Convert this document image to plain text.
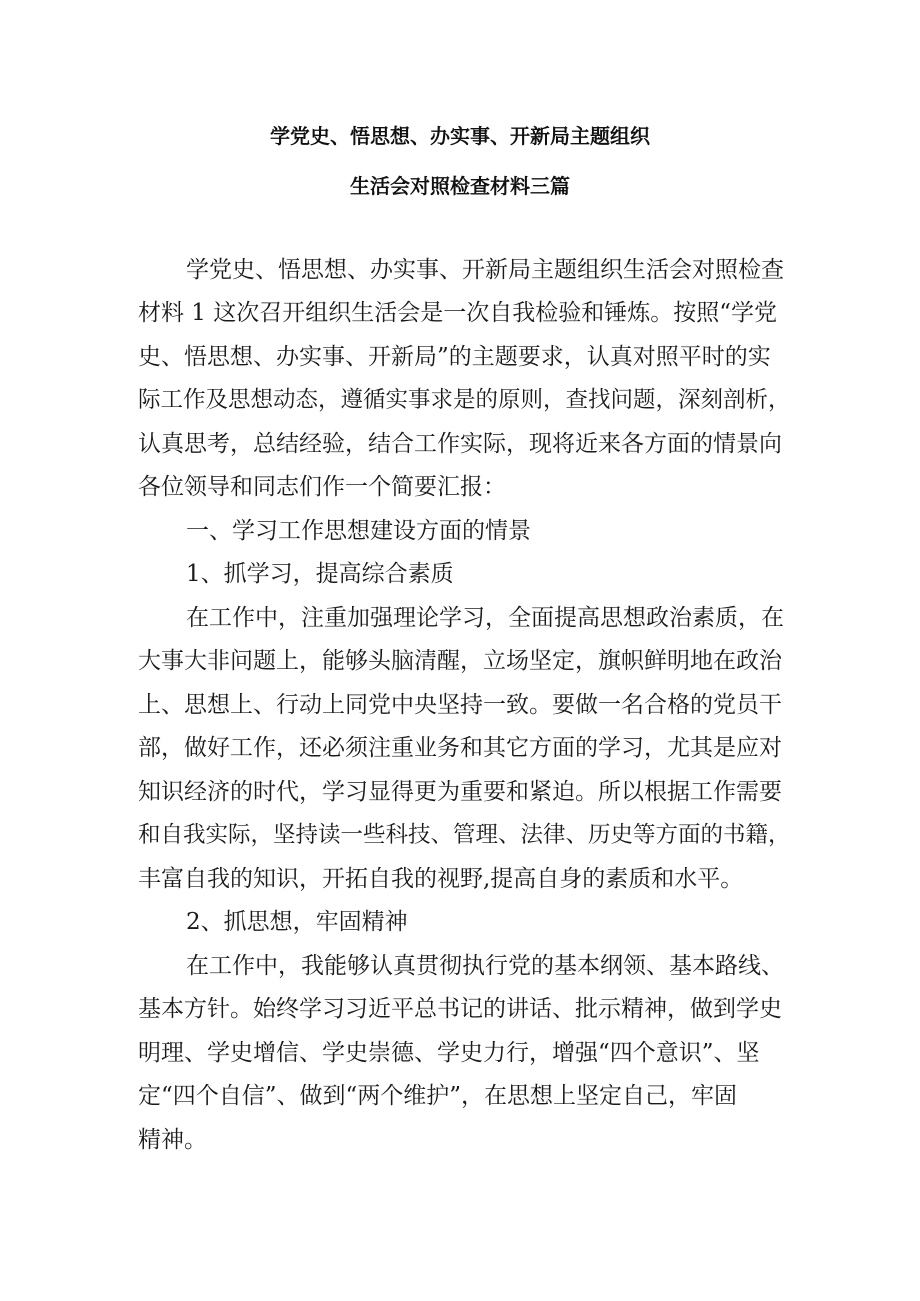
学党史、悟思想、办实事、开新局主题组织
生活会对照检查材料三篇

学党史、悟思想、办实事、开新局主题组织生活会对照检查

材料 1 这次召开组织生活会是一次自我检验和锤炼。按照“学党

史、悟思想、办实事、开新局”的主题要求，认真对照平时的实

际工作及思想动态，遵循实事求是的原则，查找问题，深刻剖析，

认真思考，总结经验，结合工作实际，现将近来各方面的情景向

各位领导和同志们作一个简要汇报：

一、学习工作思想建设方面的情景

1、抓学习，提高综合素质

在工作中，注重加强理论学习，全面提高思想政治素质，在

大事大非问题上，能够头脑清醒，立场坚定，旗帜鲜明地在政治

上、思想上、行动上同党中央坚持一致。要做一名合格的党员干

部，做好工作，还必须注重业务和其它方面的学习，尤其是应对

知识经济的时代，学习显得更为重要和紧迫。所以根据工作需要

和自我实际，坚持读一些科技、管理、法律、历史等方面的书籍，

丰富自我的知识，开拓自我的视野,提高自身的素质和水平。

2、抓思想，牢固精神

在工作中，我能够认真贯彻执行党的基本纲领、基本路线、

基本方针。始终学习习近平总书记的讲话、批示精神，做到学史

明理、学史增信、学史崇德、学史力行，增强“四个意识”、坚

定“四个自信”、做到“两个维护”，在思想上坚定自己，牢固

精神。
